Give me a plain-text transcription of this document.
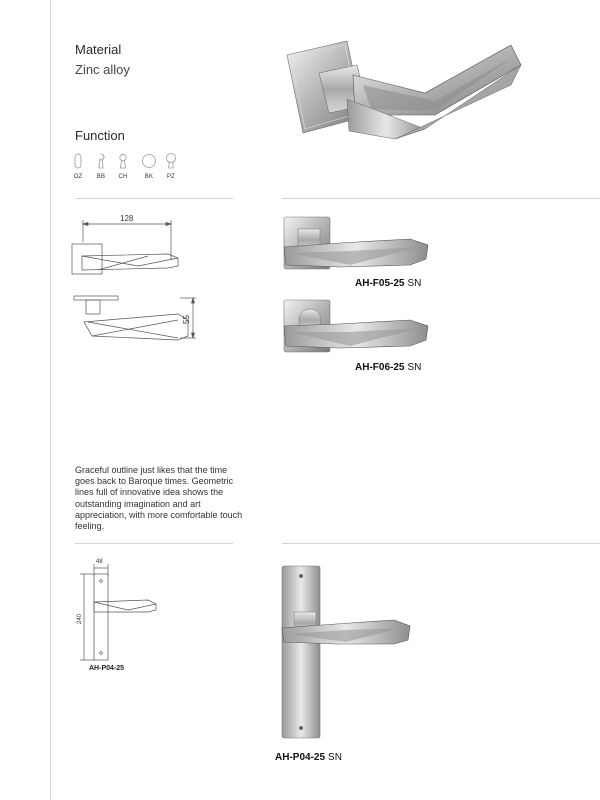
Material
Zinc alloy
Function
OZ	BB	CH	BK	PZ
128
55
AH-F05-25 SN
AH-F06-25 SN
Graceful outline just likes that the time goes back to Baroque times. Geometric lines full of innovative idea shows the outstanding imagination and art appreciation, with more comfortable touch feeling.
48
240
AH-P04-25
AH-P04-25 SN
